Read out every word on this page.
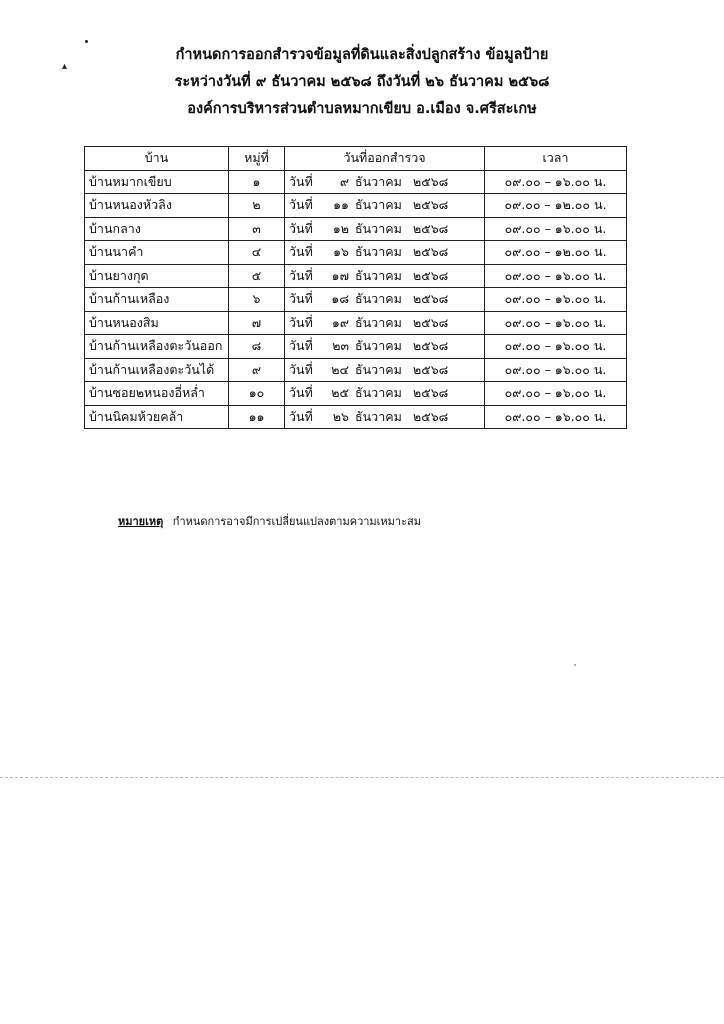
▴
กำหนดการออกสำรวจข้อมูลที่ดินและสิ่งปลูกสร้าง ข้อมูลป้าย
ระหว่างวันที่ ๙ ธันวาคม ๒๕๖๘ ถึงวันที่ ๒๖ ธันวาคม ๒๕๖๘
องค์การบริหารส่วนตำบลหมากเขียบ อ.เมือง จ.ศรีสะเกษ
บ้าน	หมู่ที่	วันที่ออกสำรวจ	เวลา
บ้านหมากเขียบ	๑	วันที่ ๙ ธันวาคม ๒๕๖๘	๐๙.๐๐ – ๑๖.๐๐ น.
บ้านหนองหัวลิง	๒	วันที่ ๑๑ ธันวาคม ๒๕๖๘	๐๙.๐๐ – ๑๒.๐๐ น.
บ้านกลาง	๓	วันที่ ๑๒ ธันวาคม ๒๕๖๘	๐๙.๐๐ – ๑๖.๐๐ น.
บ้านนาคำ	๔	วันที่ ๑๖ ธันวาคม ๒๕๖๘	๐๙.๐๐ – ๑๒.๐๐ น.
บ้านยางกุด	๕	วันที่ ๑๗ ธันวาคม ๒๕๖๘	๐๙.๐๐ – ๑๖.๐๐ น.
บ้านก้านเหลือง	๖	วันที่ ๑๘ ธันวาคม ๒๕๖๘	๐๙.๐๐ – ๑๖.๐๐ น.
บ้านหนองสิม	๗	วันที่ ๑๙ ธันวาคม ๒๕๖๘	๐๙.๐๐ – ๑๖.๐๐ น.
บ้านก้านเหลืองตะวันออก	๘	วันที่ ๒๓ ธันวาคม ๒๕๖๘	๐๙.๐๐ – ๑๖.๐๐ น.
บ้านก้านเหลืองตะวันได้	๙	วันที่ ๒๔ ธันวาคม ๒๕๖๘	๐๙.๐๐ – ๑๖.๐๐ น.
บ้านซอย๒หนองอี่หล่ำ	๑๐	วันที่ ๒๕ ธันวาคม ๒๕๖๘	๐๙.๐๐ – ๑๖.๐๐ น.
บ้านนิคมห้วยคล้า	๑๑	วันที่ ๒๖ ธันวาคม ๒๕๖๘	๐๙.๐๐ – ๑๖.๐๐ น.
หมายเหตุ กำหนดการอาจมีการเปลี่ยนแปลงตามความเหมาะสม
